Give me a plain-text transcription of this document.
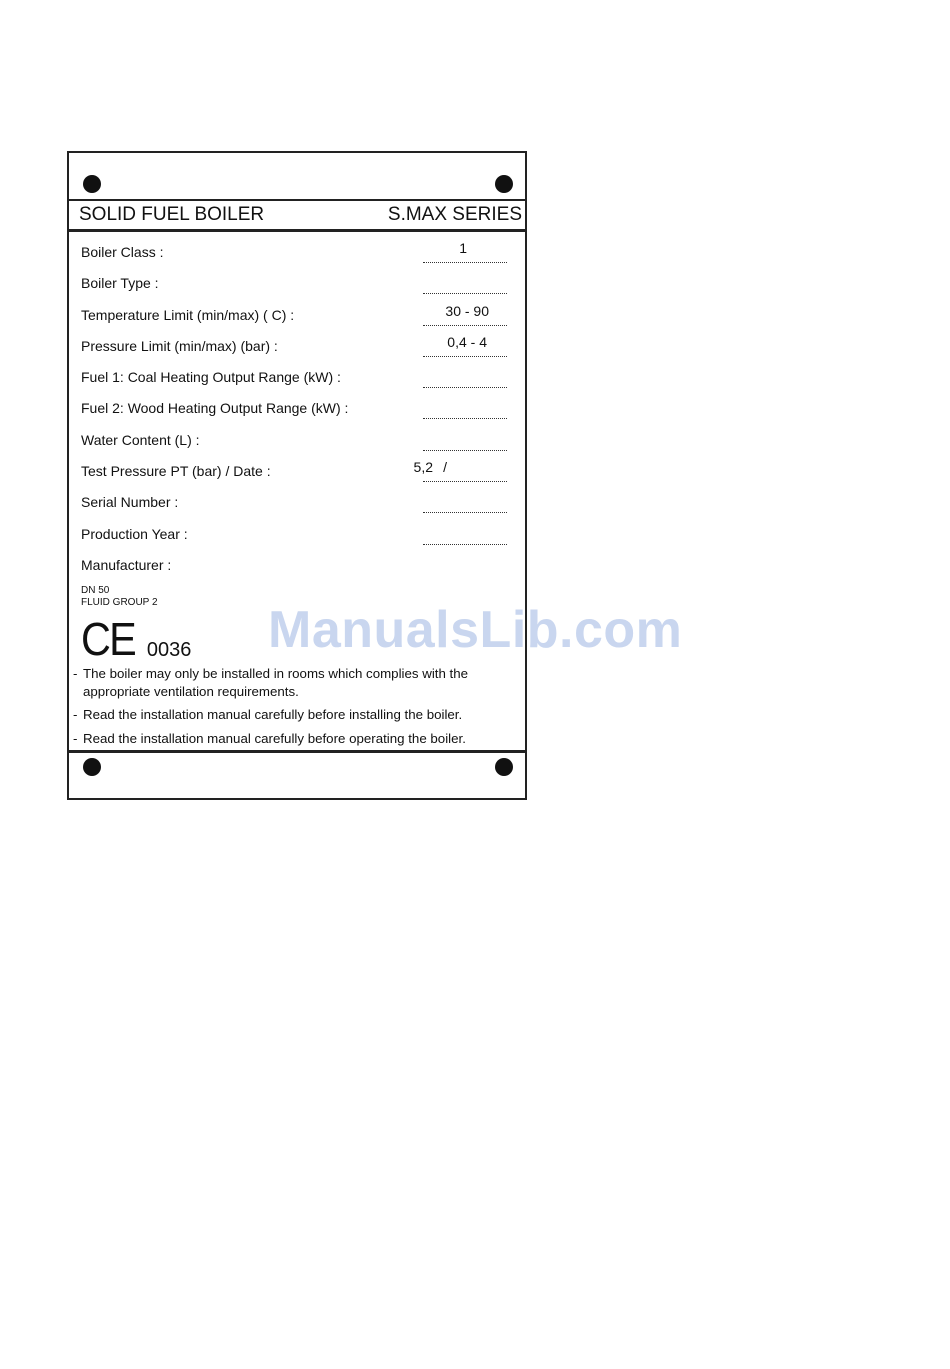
SOLID FUEL BOILER	S.MAX SERIES
Boiler Class :	1
Boiler Type :
Temperature Limit (min/max) ( C) :	30 - 90
Pressure Limit (min/max) (bar) :	0,4 - 4
Fuel 1: Coal Heating Output Range (kW) :
Fuel 2: Wood Heating Output Range (kW) :
Water Content (L) :
Test Pressure PT (bar) / Date :	5,2 /
Serial Number :
Production Year :
Manufacturer :
DN 50
FLUID GROUP 2
CE 0036
- The boiler may only be installed in rooms which complies with the appropriate ventilation requirements.
- Read the installation manual carefully before installing the boiler.
- Read the installation manual carefully before operating the boiler.
ManualsLib.com
